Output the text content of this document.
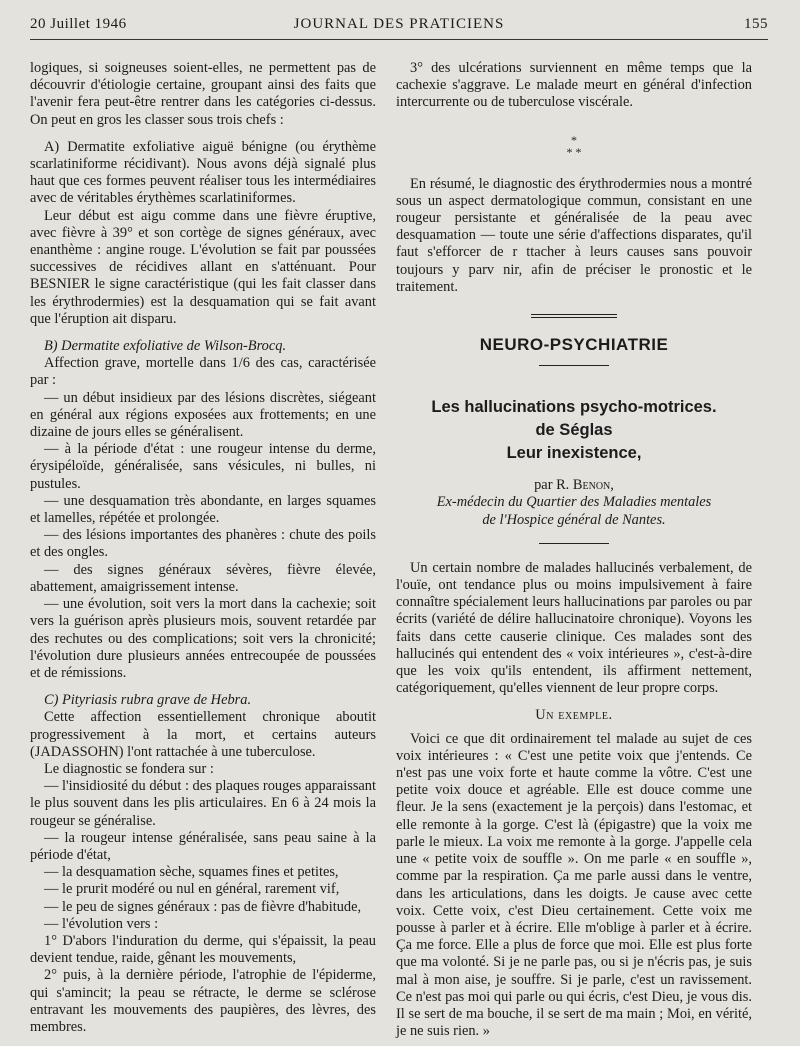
20 Juillet 1946	JOURNAL DES PRATICIENS	155

logiques, si soigneuses soient-elles, ne permettent pas de découvrir d'étiologie certaine, groupant ainsi des faits que l'avenir fera peut-être rentrer dans les catégories ci-dessus. On peut en gros les classer sous trois chefs :

A) Dermatite exfoliative aiguë bénigne (ou érythème scarlatiniforme récidivant). Nous avons déjà signalé plus haut que ces formes peuvent réaliser tous les intermédiaires avec de véritables érythèmes scarlatiniformes.

Leur début est aigu comme dans une fièvre éruptive, avec fièvre à 39° et son cortège de signes généraux, avec enanthème : angine rouge. L'évolution se fait par poussées successives de récidives allant en s'atténuant. Pour BESNIER le signe caractéristique (qui les fait classer dans les érythrodermies) est la desquamation qui se fait avant que l'éruption ait disparu.

B) Dermatite exfoliative de Wilson-Brocq.

Affection grave, mortelle dans 1/6 des cas, caractérisée par :

— un début insidieux par des lésions discrètes, siégeant en général aux régions exposées aux frottements; en une dizaine de jours elles se généralisent.

— à la période d'état : une rougeur intense du derme, érysipéloïde, généralisée, sans vésicules, ni bulles, ni pustules.

— une desquamation très abondante, en larges squames et lamelles, répétée et prolongée.

— des lésions importantes des phanères : chute des poils et des ongles.

— des signes généraux sévères, fièvre élevée, abattement, amaigrissement intense.

— une évolution, soit vers la mort dans la cachexie; soit vers la guérison après plusieurs mois, souvent retardée par des rechutes ou des complications; soit vers la chronicité; l'évolution dure plusieurs années entrecoupée de poussées et de rémissions.

C) Pityriasis rubra grave de Hebra.

Cette affection essentiellement chronique aboutit progressivement à la mort, et certains auteurs (JADASSOHN) l'ont rattachée à une tuberculose.

Le diagnostic se fondera sur :

— l'insidiosité du début : des plaques rouges apparaissant le plus souvent dans les plis articulaires. En 6 à 24 mois la rougeur se généralise.

— la rougeur intense généralisée, sans peau saine à la période d'état,

— la desquamation sèche, squames fines et petites,

— le prurit modéré ou nul en général, rarement vif,

— le peu de signes généraux : pas de fièvre d'habitude,

— l'évolution vers :

1° D'abors l'induration du derme, qui s'épaissit, la peau devient tendue, raide, gênant les mouvements,

2° puis, à la dernière période, l'atrophie de l'épiderme, qui s'amincit; la peau se rétracte, le derme se sclérose entravant les mouvements des paupières, des lèvres, des membres.

3° des ulcérations surviennent en même temps que la cachexie s'aggrave. Le malade meurt en général d'infection intercurrente ou de tuberculose viscérale.

*
* *

En résumé, le diagnostic des érythrodermies nous a montré sous un aspect dermatologique commun, consistant en une rougeur persistante et généralisée de la peau avec desquamation — toute une série d'affections disparates, qu'il faut s'efforcer de r ttacher à leurs causes sans pouvoir toujours y parv nir, afin de préciser le pronostic et le traitement.

NEURO-PSYCHIATRIE
Les hallucinations psycho-motrices.
de Séglas
Leur inexistence,
par R. Benon,
Ex-médecin du Quartier des Maladies mentales
de l'Hospice général de Nantes.

Un certain nombre de malades hallucinés verbalement, de l'ouïe, ont tendance plus ou moins impulsivement à faire connaître spécialement leurs hallucinations par paroles ou par écrits (variété de délire hallucinatoire chronique). Voyons les faits dans cette causerie clinique. Ces malades sont des hallucinés qui entendent des « voix intérieures », c'est-à-dire que les voix qu'ils entendent, ils affirment nettement, catégoriquement, qu'elles viennent de leur propre corps.

Un exemple.

Voici ce que dit ordinairement tel malade au sujet de ces voix intérieures : « C'est une petite voix que j'entends. Ce n'est pas une voix forte et haute comme la vôtre. C'est une petite voix douce et agréable. Elle est douce comme une fleur. Je la sens (exactement je la perçois) dans l'estomac, et elle remonte à la gorge. C'est là (épigastre) que la voix me parle le mieux. La voix me remonte à la gorge. J'appelle cela une « petite voix de souffle ». On me parle « en souffle », comme par la respiration. Ça me parle aussi dans le ventre, dans les articulations, dans les doigts. Je cause avec cette voix. Cette voix, c'est Dieu certainement. Cette voix me pousse à parler et à écrire. Elle m'oblige à parler et à écrire. Ça me force. Elle a plus de force que moi. Elle est plus forte que ma volonté. Si je ne parle pas, ou si je n'écris pas, je suis mal à mon aise, je souffre. Si je parle, c'est un ravissement. Ce n'est pas moi qui parle ou qui écris, c'est Dieu, je vous dis. Il se sert de ma bouche, il se sert de ma main ; Moi, en vérité, je ne suis rien. »
